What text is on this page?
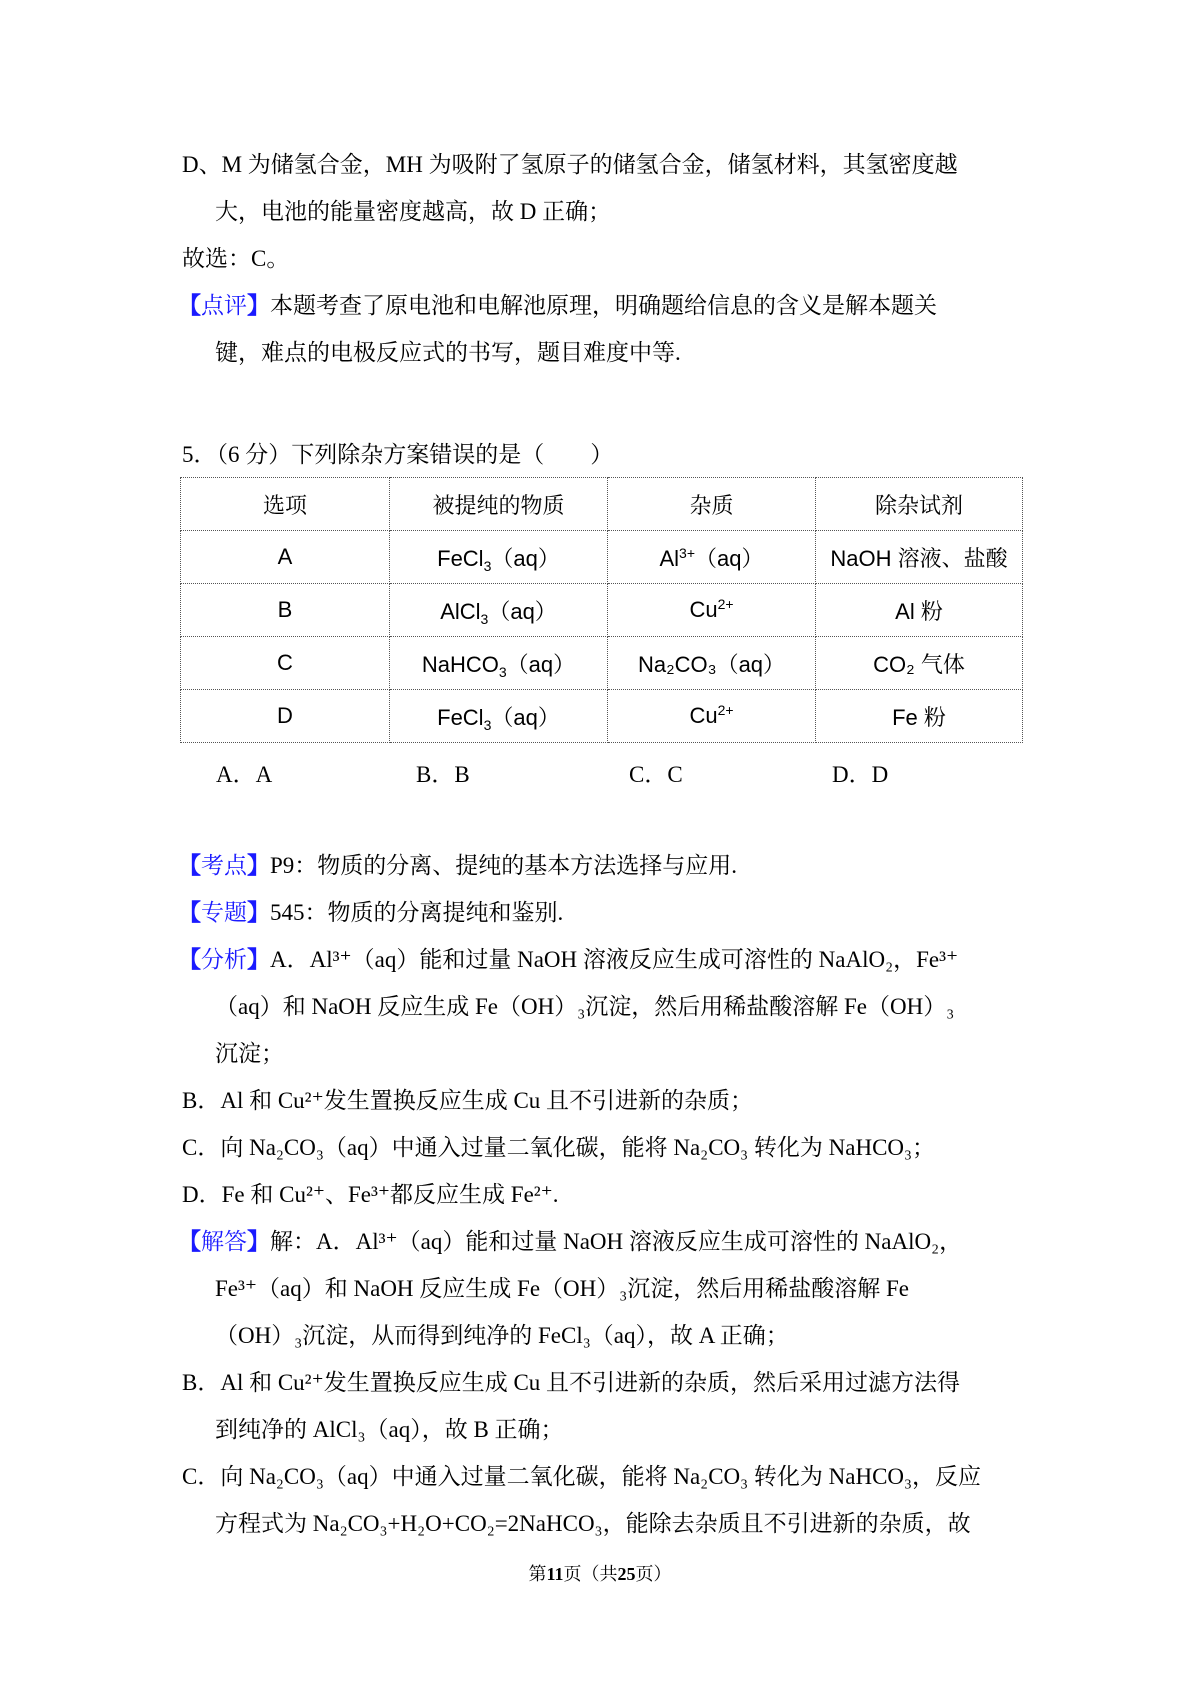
D、M 为储氢合金，MH 为吸附了氢原子的储氢合金，储氢材料，其氢密度越
大，电池的能量密度越高，故 D 正确；
故选：C。
【点评】本题考查了原电池和电解池原理，明确题给信息的含义是解本题关
键，难点的电极反应式的书写，题目难度中等.
5．（6 分）下列除杂方案错误的是（　　）
选项	被提纯的物质	杂质	除杂试剂
A	FeCl$_3$（aq）	$Al^{3+}(aq)$	NaOH 溶液、盐酸
B	AlCl$_3$（aq）	$Cu^{2+}$	Al 粉
C	NaHCO$_3$（aq）	Na₂CO₃（aq）	CO₂ 气体
D	FeCl$_3$（aq）	$Cu^{2+}$	Fe 粉
A．A	B．B	C．C	D．D
【考点】P9：物质的分离、提纯的基本方法选择与应用.
【专题】545：物质的分离提纯和鉴别.
【分析】A．Al³⁺（aq）能和过量 NaOH 溶液反应生成可溶性的 NaAlO₂，Fe³⁺
（aq）和 NaOH 反应生成 Fe（OH）₃沉淀，然后用稀盐酸溶解 Fe（OH）₃
沉淀；
B．Al 和 Cu²⁺发生置换反应生成 Cu 且不引进新的杂质；
C．向 Na₂CO₃（aq）中通入过量二氧化碳，能将 Na₂CO₃ 转化为 NaHCO₃；
D．Fe 和 Cu²⁺、Fe³⁺都反应生成 Fe²⁺.
【解答】解：A．Al³⁺（aq）能和过量 NaOH 溶液反应生成可溶性的 NaAlO₂，
Fe³⁺（aq）和 NaOH 反应生成 Fe（OH）₃沉淀，然后用稀盐酸溶解 Fe
（OH）₃沉淀，从而得到纯净的 FeCl₃（aq），故 A 正确；
B．Al 和 Cu²⁺发生置换反应生成 Cu 且不引进新的杂质，然后采用过滤方法得
到纯净的 AlCl₃（aq），故 B 正确；
C．向 Na₂CO₃（aq）中通入过量二氧化碳，能将 Na₂CO₃ 转化为 NaHCO₃，反应
方程式为 Na₂CO₃+H₂O+CO₂=2NaHCO₃，能除去杂质且不引进新的杂质，故
第11页（共25页）
